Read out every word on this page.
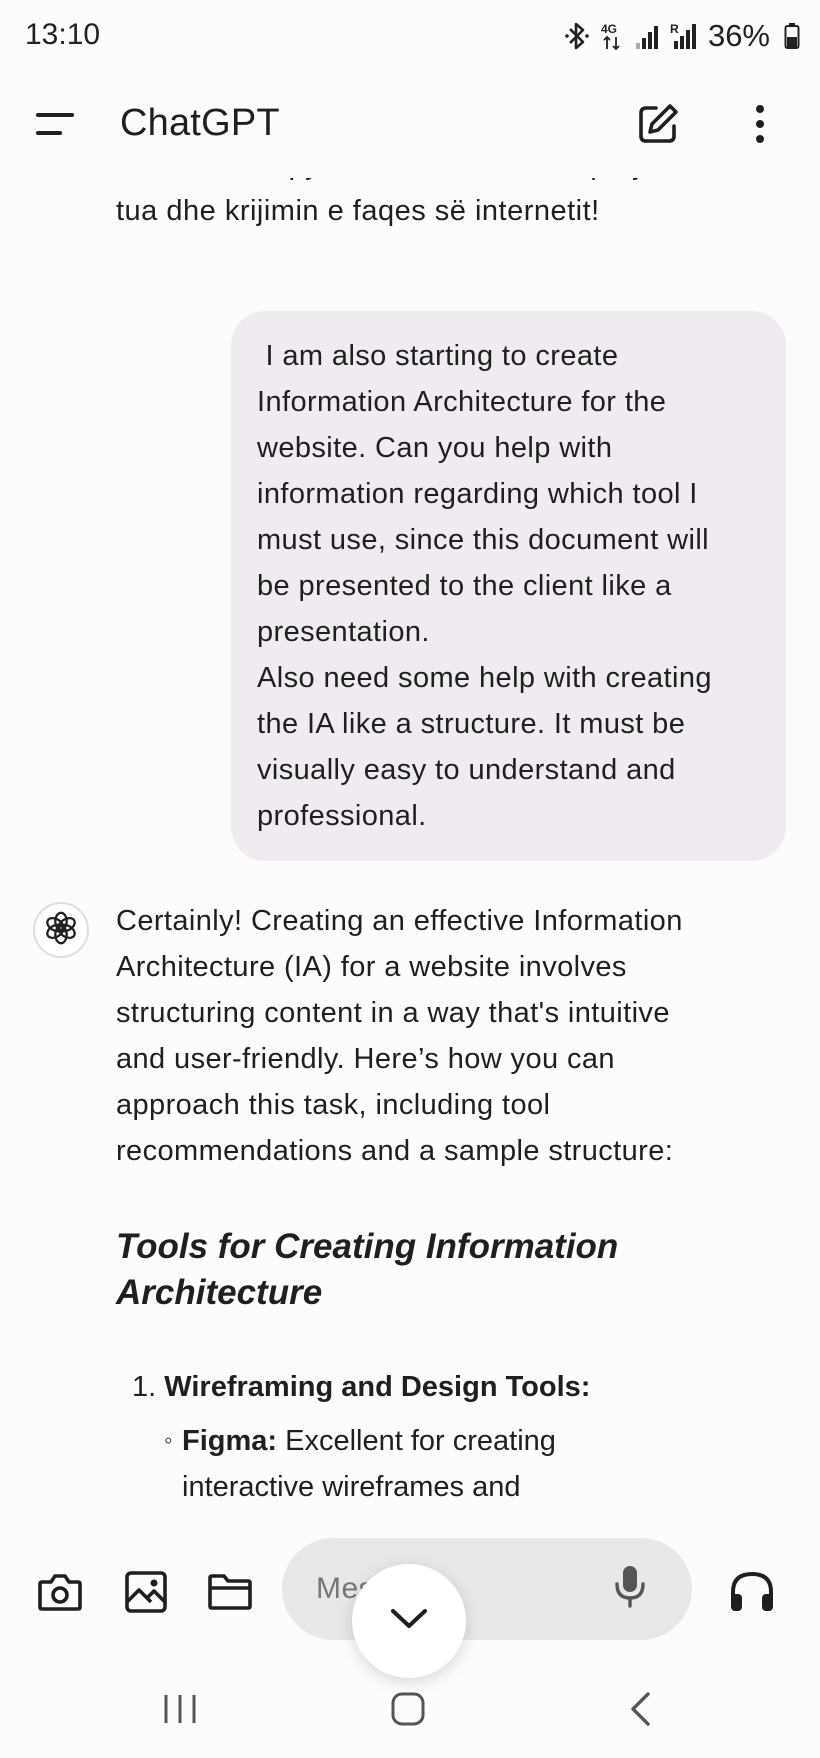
13:10	4G	R 36%
ChatGPT

tua dhe krijimin e faqes së internetit!

I am also starting to create

Information Architecture for the

website. Can you help with

information regarding which tool I

must use, since this document will

be presented to the client like a

presentation.

Also need some help with creating

the IA like a structure. It must be

visually easy to understand and

professional.

Certainly! Creating an effective Information

Architecture (IA) for a website involves

structuring content in a way that's intuitive

and user-friendly. Here’s how you can

approach this task, including tool

recommendations and a sample structure:

Tools for Creating Information

Architecture

1. Wireframing and Design Tools:
◦ Figma: Excellent for creating

interactive wireframes and

Message
